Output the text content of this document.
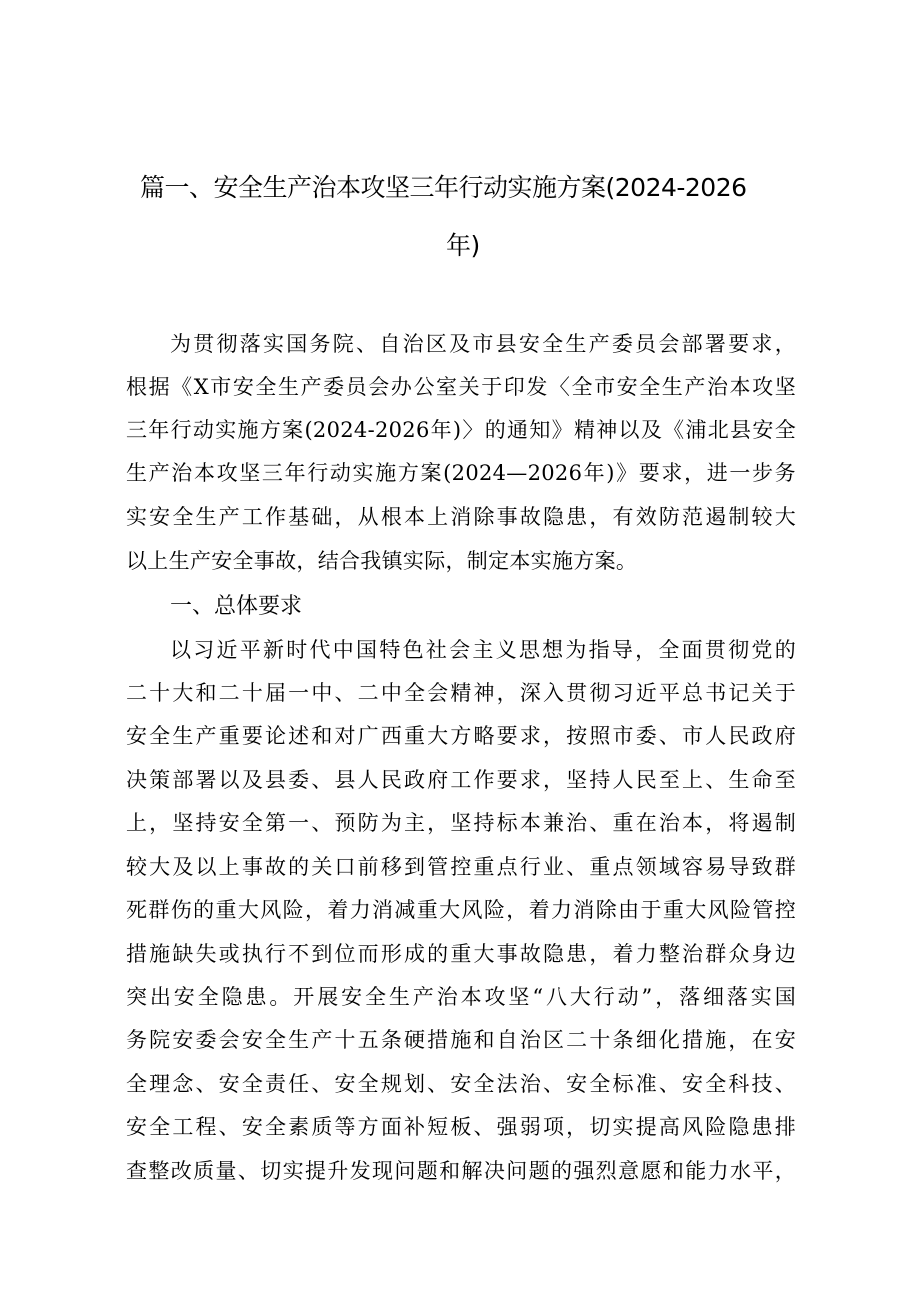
篇一、安全生产治本攻坚三年行动实施方案(2024-2026
年)
为贯彻落实国务院、自治区及市县安全生产委员会部署要求，
根据《X市安全生产委员会办公室关于印发〈全市安全生产治本攻坚
三年行动实施方案(2024-2026年)〉的通知》精神以及《浦北县安全
生产治本攻坚三年行动实施方案(2024—2026年)》要求，进一步务
实安全生产工作基础，从根本上消除事故隐患，有效防范遏制较大
以上生产安全事故，结合我镇实际，制定本实施方案。
一、总体要求
以习近平新时代中国特色社会主义思想为指导，全面贯彻党的
二十大和二十届一中、二中全会精神，深入贯彻习近平总书记关于
安全生产重要论述和对广西重大方略要求，按照市委、市人民政府
决策部署以及县委、县人民政府工作要求，坚持人民至上、生命至
上，坚持安全第一、预防为主，坚持标本兼治、重在治本，将遏制
较大及以上事故的关口前移到管控重点行业、重点领域容易导致群
死群伤的重大风险，着力消减重大风险，着力消除由于重大风险管控
措施缺失或执行不到位而形成的重大事故隐患，着力整治群众身边
突出安全隐患。开展安全生产治本攻坚“八大行动”，落细落实国
务院安委会安全生产十五条硬措施和自治区二十条细化措施，在安
全理念、安全责任、安全规划、安全法治、安全标准、安全科技、
安全工程、安全素质等方面补短板、强弱项，切实提高风险隐患排
查整改质量、切实提升发现问题和解决问题的强烈意愿和能力水平，
